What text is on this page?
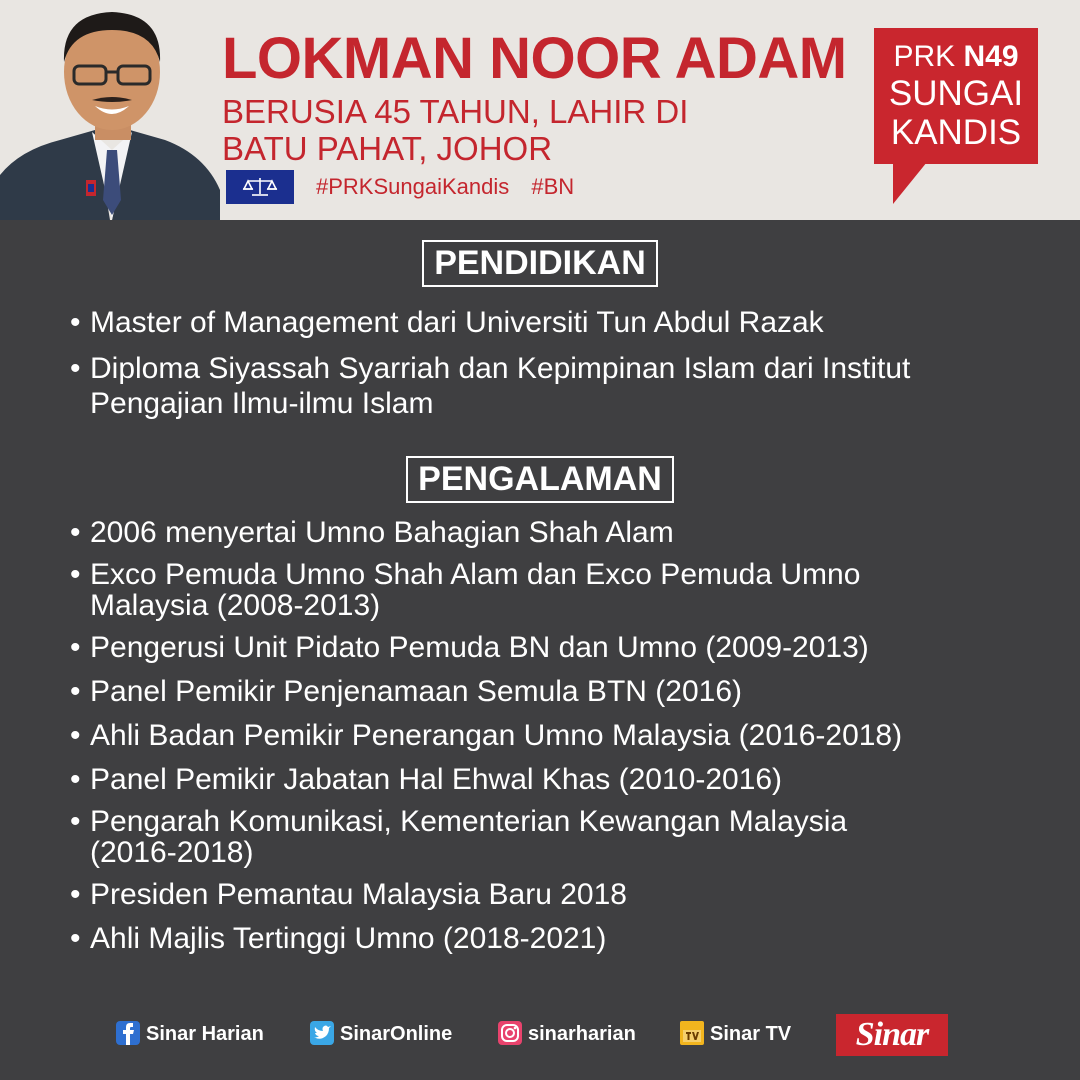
LOKMAN NOOR ADAM
BERUSIA 45 TAHUN, LAHIR DI
BATU PAHAT, JOHOR
#PRKSungaiKandis #BN
PRK N49
SUNGAI
KANDIS
PENDIDIKAN
• Master of Management dari Universiti Tun Abdul Razak
• Diploma Siyassah Syarriah dan Kepimpinan Islam dari Institut Pengajian Ilmu-ilmu Islam
PENGALAMAN
• 2006 menyertai Umno Bahagian Shah Alam
• Exco Pemuda Umno Shah Alam dan Exco Pemuda Umno Malaysia (2008-2013)
• Pengerusi Unit Pidato Pemuda BN dan Umno (2009-2013)
• Panel Pemikir Penjenamaan Semula BTN (2016)
• Ahli Badan Pemikir Penerangan Umno Malaysia (2016-2018)
• Panel Pemikir Jabatan Hal Ehwal Khas (2010-2016)
• Pengarah Komunikasi, Kementerian Kewangan Malaysia (2016-2018)
• Presiden Pemantau Malaysia Baru 2018
• Ahli Majlis Tertinggi Umno (2018-2021)
Sinar Harian	SinarOnline	sinarharian	Sinar TV	Sinar
